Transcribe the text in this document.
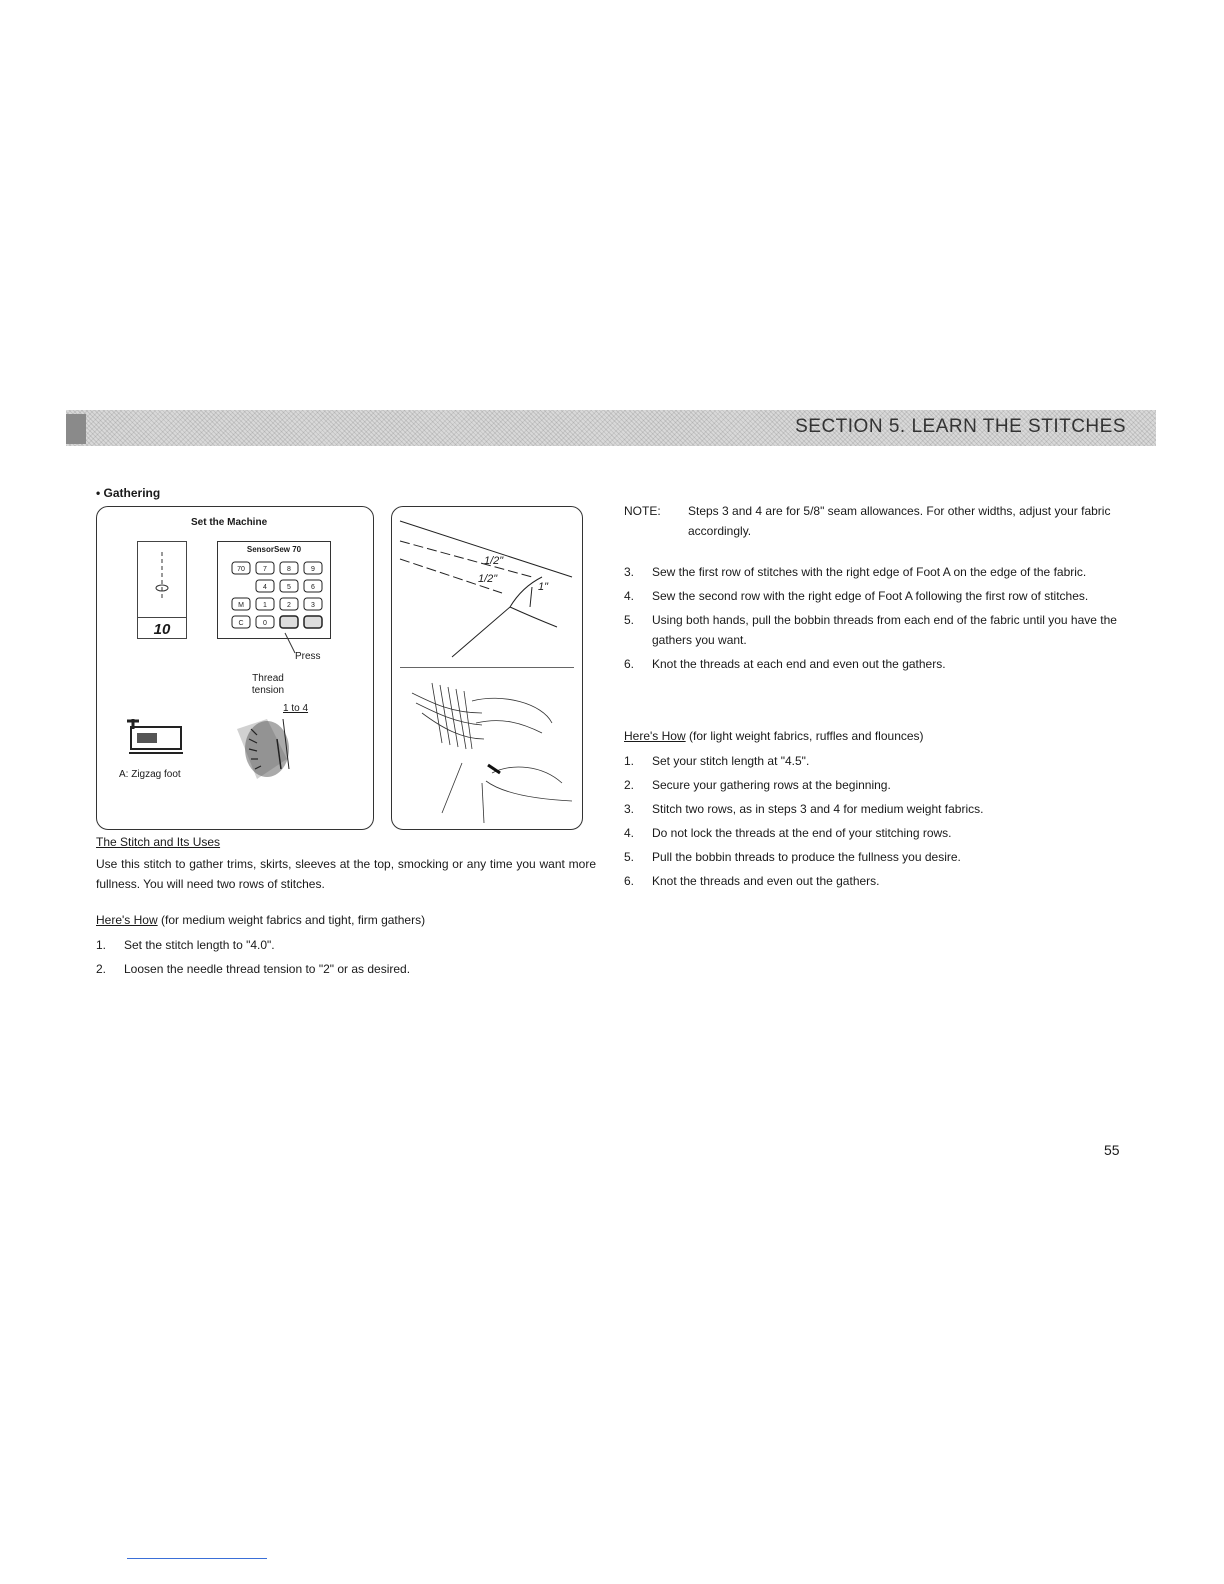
SECTION 5. LEARN THE STITCHES
• Gathering
Set the Machine
10
SensorSew 70
70	7	8	9
4	5	6
M	1	2	3
C	0
Press
Thread tension
1 to 4
A: Zigzag foot
1/2"
1/2"
1"
The Stitch and Its Uses
Use this stitch to gather trims, skirts, sleeves at the top, smocking or any time you want more fullness. You will need two rows of stitches.
Here's How (for medium weight fabrics and tight, firm gathers)
1. Set the stitch length to "4.0".
2. Loosen the needle thread tension to "2" or as desired.
NOTE:	Steps 3 and 4 are for 5/8" seam allowances. For other widths, adjust your fabric accordingly.
3. Sew the first row of stitches with the right edge of Foot A on the edge of the fabric.
4. Sew the second row with the right edge of Foot A following the first row of stitches.
5. Using both hands, pull the bobbin threads from each end of the fabric until you have the gathers you want.
6. Knot the threads at each end and even out the gathers.
Here's How (for light weight fabrics, ruffles and flounces)
1. Set your stitch length at "4.5".
2. Secure your gathering rows at the beginning.
3. Stitch two rows, as in steps 3 and 4 for medium weight fabrics.
4. Do not lock the threads at the end of your stitching rows.
5. Pull the bobbin threads to produce the fullness you desire.
6. Knot the threads and even out the gathers.
55
